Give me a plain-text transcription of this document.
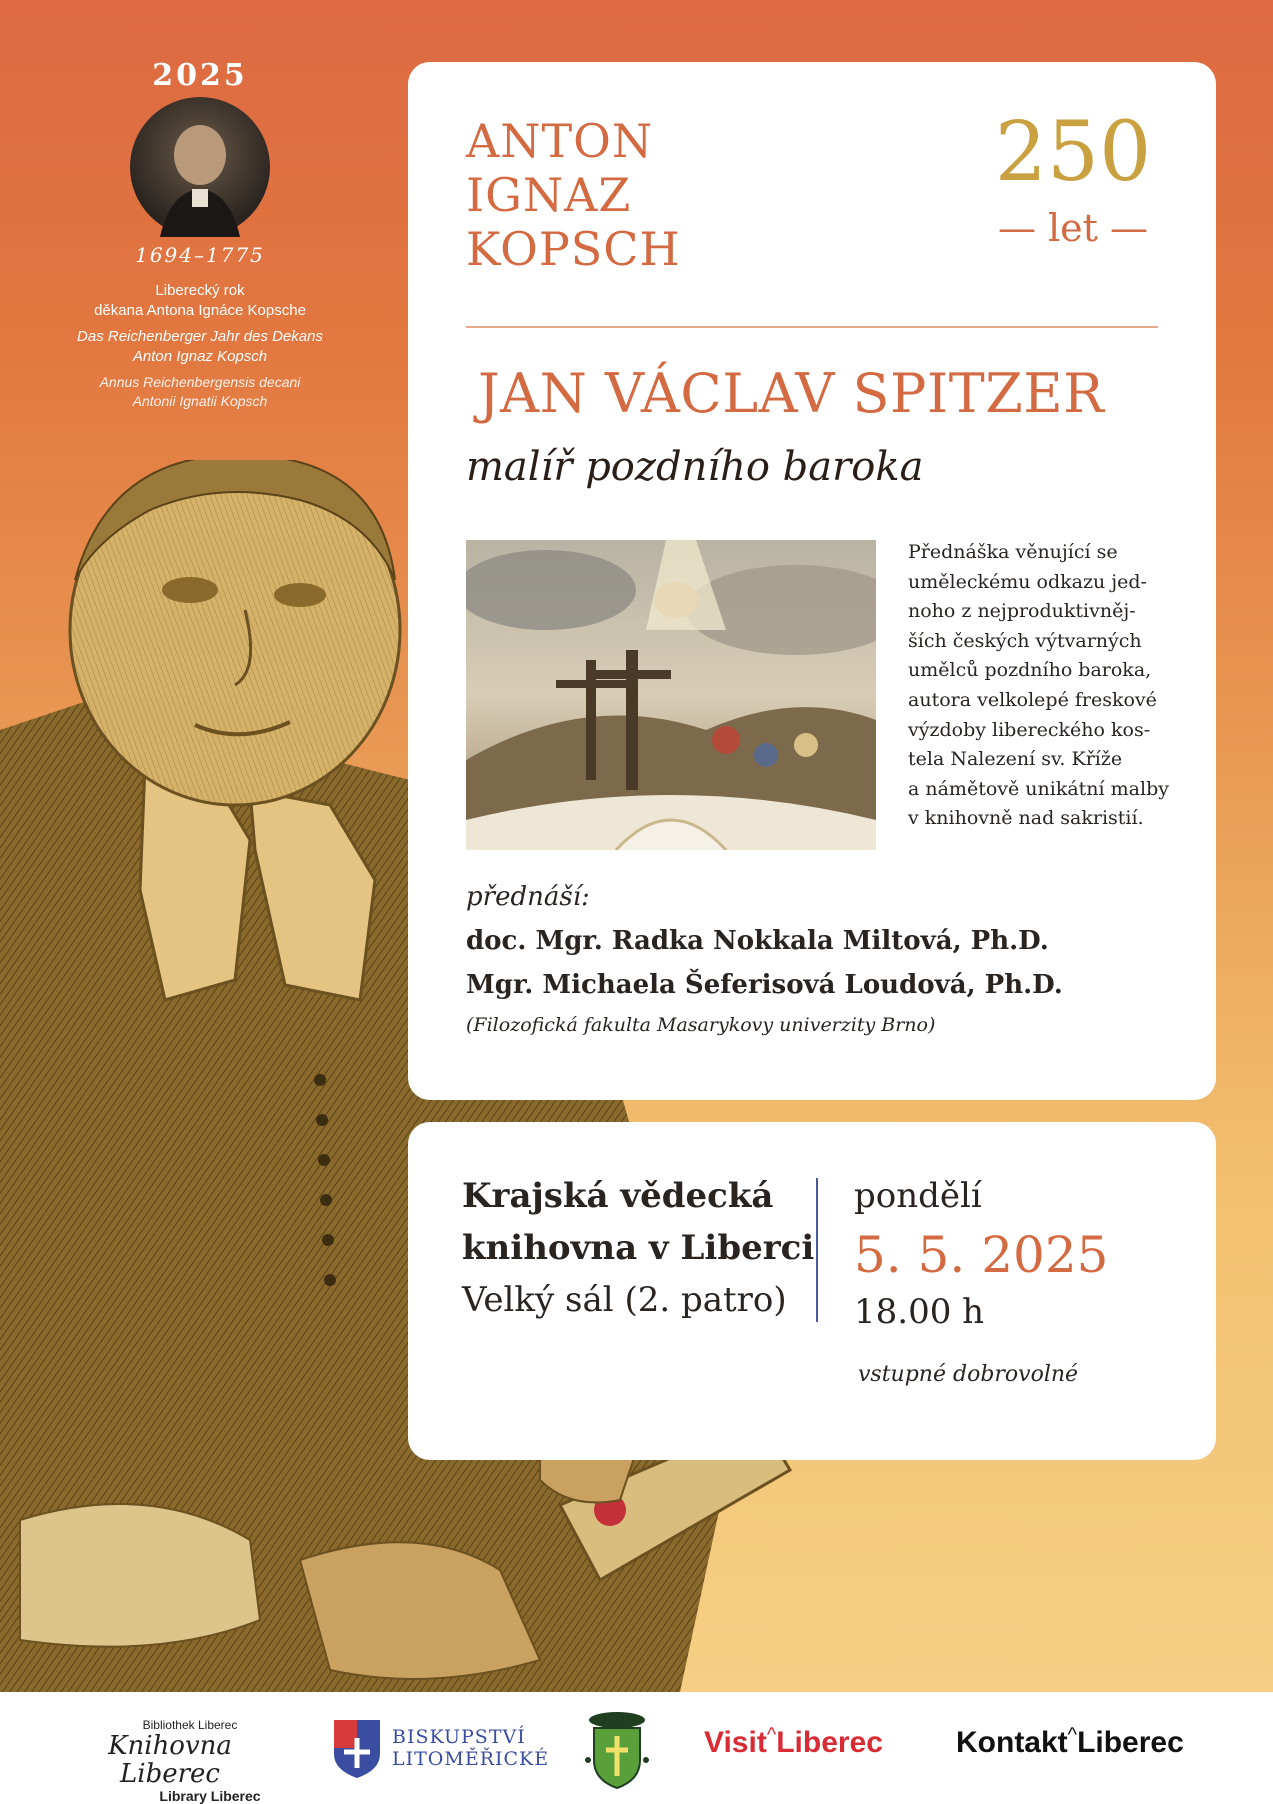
2025
1694–1775
Liberecký rok
děkana Antona Ignáce Kopsche
Das Reichenberger Jahr des Dekans
Anton Ignaz Kopsch
Annus Reichenbergensis decani
Antonii Ignatii Kopsch
ANTON
IGNAZ
KOPSCH
250
— let —
JAN VÁCLAV SPITZER
malíř pozdního baroka
Přednáška věnující se
uměleckému odkazu jed-
noho z nejproduktivněj-
ších českých výtvarných
umělců pozdního baroka,
autora velkolepé freskové
výzdoby libereckého kos-
tela Nalezení sv. Kříže
a námětově unikátní malby
v knihovně nad sakristií.
přednáší:
doc. Mgr. Radka Nokkala Miltová, Ph.D.
Mgr. Michaela Šeferisová Loudová, Ph.D.
(Filozofická fakulta Masarykovy univerzity Brno)
Krajská vědecká
knihovna v Liberci
Velký sál (2. patro)
pondělí
5. 5. 2025
18.00 h
vstupné dobrovolné
Bibliothek Liberec
Knihovna Liberec
Library Liberec
BISKUPSTVÍ
LITOMĚŘICKÉ	Visit^Liberec Kontakt^Liberec
